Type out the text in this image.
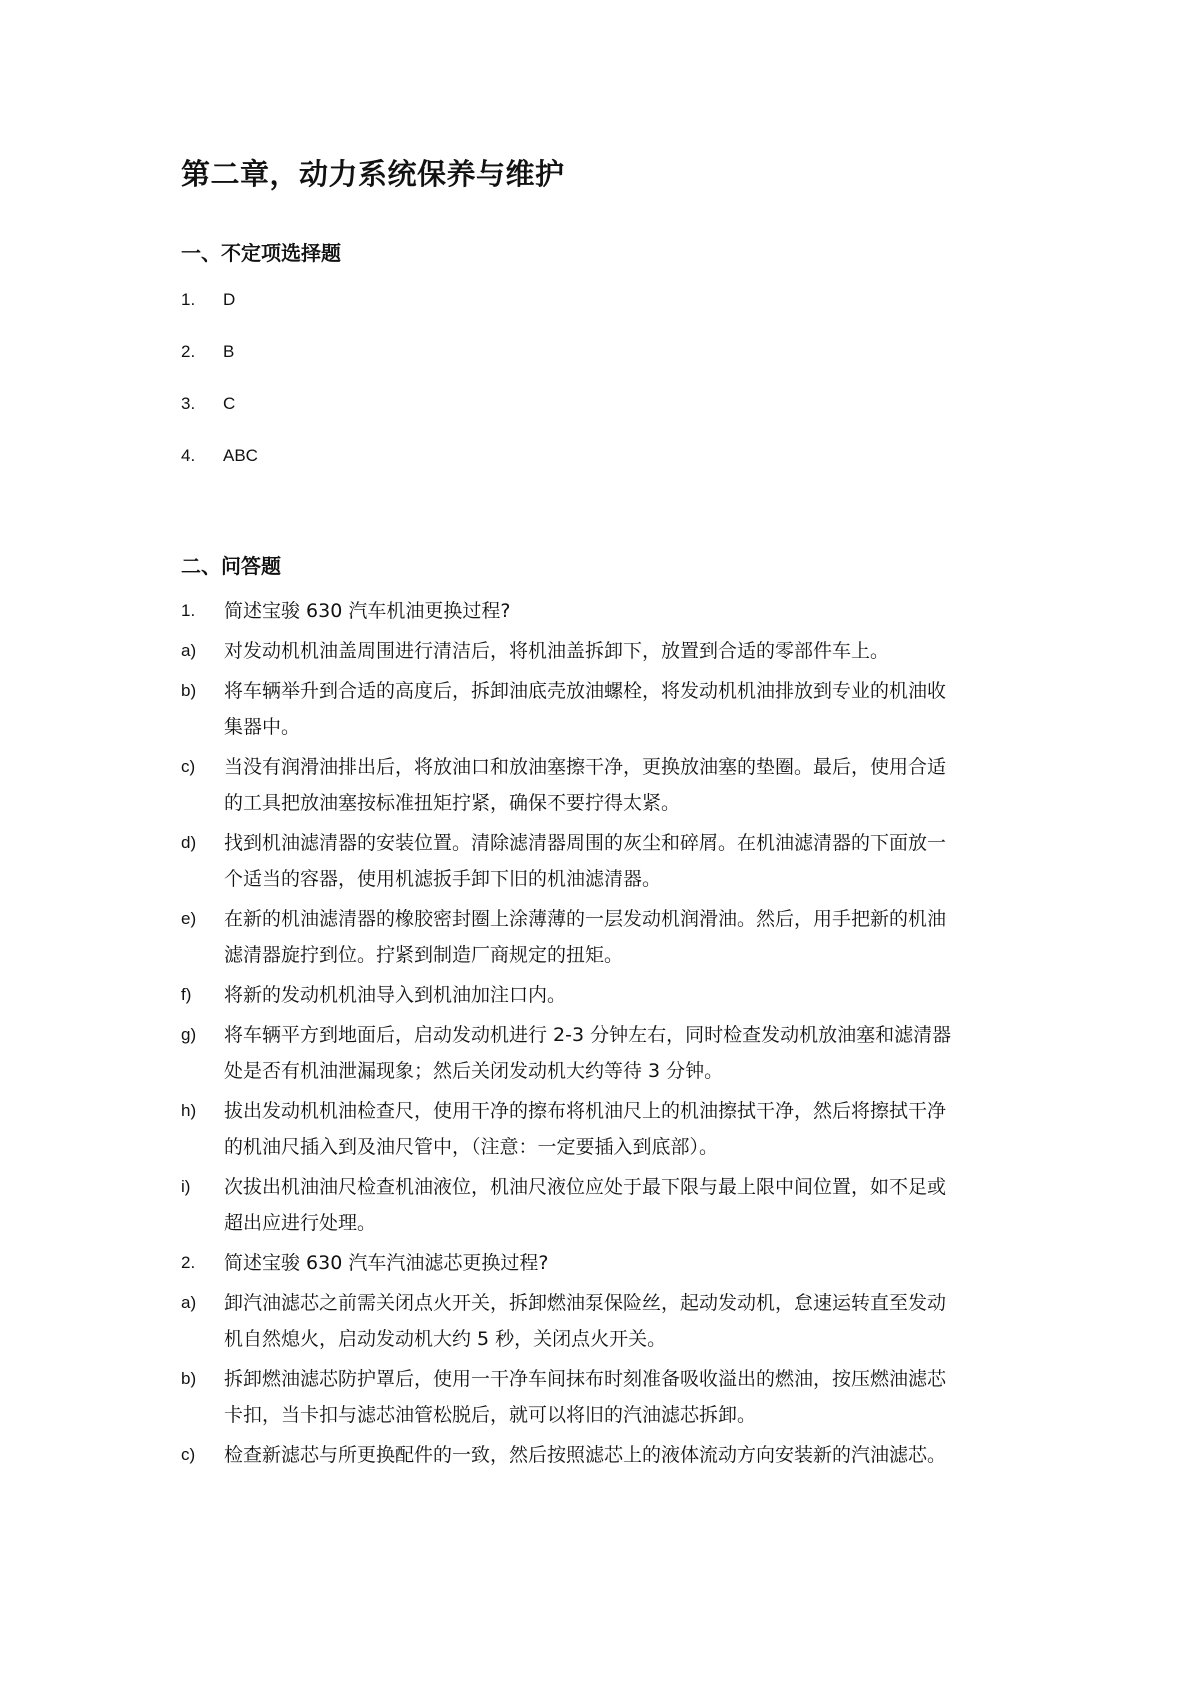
第二章，动力系统保养与维护
一、不定项选择题
1.	D
2.	B
3.	C
4.	ABC
二、问答题
1.	简述宝骏 630 汽车机油更换过程?
a)	对发动机机油盖周围进行清洁后，将机油盖拆卸下，放置到合适的零部件车上。
b)	将车辆举升到合适的高度后，拆卸油底壳放油螺栓，将发动机机油排放到专业的机油收
集器中。
c)	当没有润滑油排出后，将放油口和放油塞擦干净，更换放油塞的垫圈。最后，使用合适
的工具把放油塞按标准扭矩拧紧，确保不要拧得太紧。
d)	找到机油滤清器的安装位置。清除滤清器周围的灰尘和碎屑。在机油滤清器的下面放一
个适当的容器，使用机滤扳手卸下旧的机油滤清器。
e)	在新的机油滤清器的橡胶密封圈上涂薄薄的一层发动机润滑油。然后，用手把新的机油
滤清器旋拧到位。拧紧到制造厂商规定的扭矩。
f)	将新的发动机机油导入到机油加注口内。
g)	将车辆平方到地面后，启动发动机进行 2-3 分钟左右，同时检查发动机放油塞和滤清器
处是否有机油泄漏现象；然后关闭发动机大约等待 3 分钟。
h)	拔出发动机机油检查尺，使用干净的擦布将机油尺上的机油擦拭干净，然后将擦拭干净
的机油尺插入到及油尺管中，（注意：一定要插入到底部）。
i)	次拔出机油油尺检查机油液位，机油尺液位应处于最下限与最上限中间位置，如不足或
超出应进行处理。
2.	简述宝骏 630 汽车汽油滤芯更换过程?
a)	卸汽油滤芯之前需关闭点火开关，拆卸燃油泵保险丝，起动发动机，怠速运转直至发动
机自然熄火，启动发动机大约 5 秒，关闭点火开关。
b)	拆卸燃油滤芯防护罩后，使用一干净车间抹布时刻准备吸收溢出的燃油，按压燃油滤芯
卡扣，当卡扣与滤芯油管松脱后，就可以将旧的汽油滤芯拆卸。
c)	检查新滤芯与所更换配件的一致，然后按照滤芯上的液体流动方向安装新的汽油滤芯。
